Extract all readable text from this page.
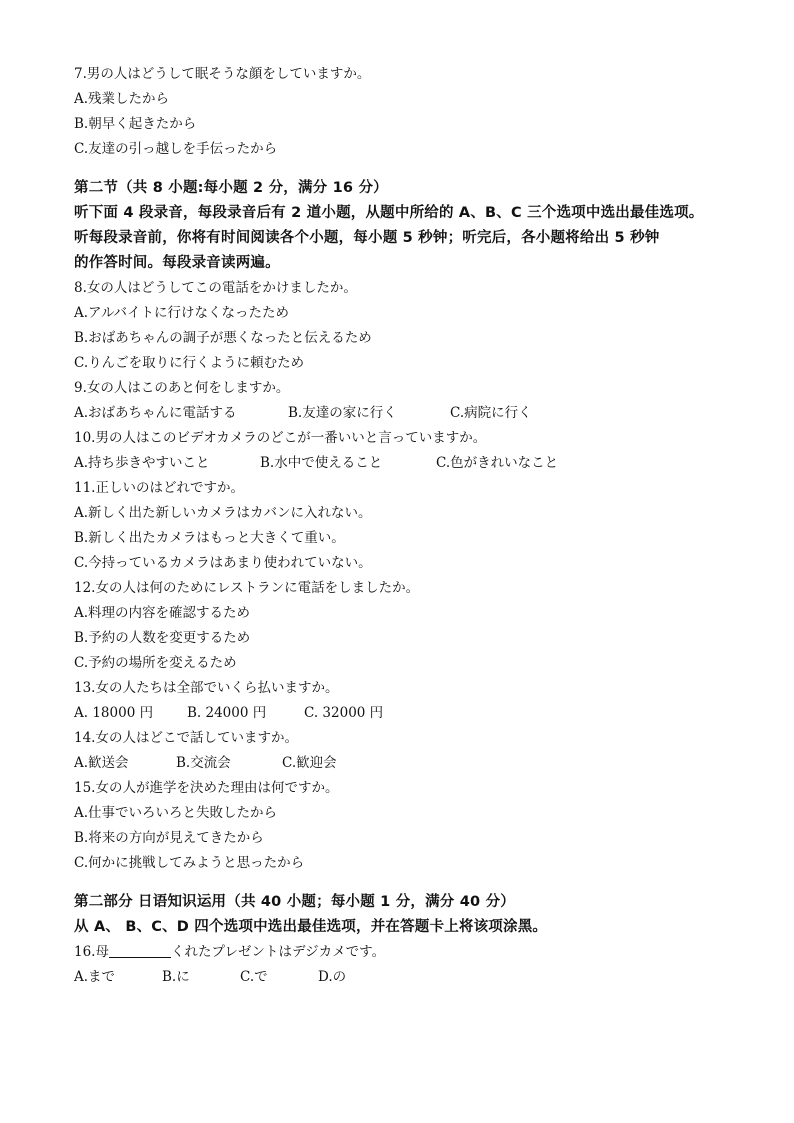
7.男の人はどうして眠そうな顔をしていますか。
A.残業したから
B.朝早く起きたから
C.友達の引っ越しを手伝ったから
第二节（共 8 小题:每小题 2 分，满分 16 分）
听下面 4 段录音，每段录音后有 2 道小题，从题中所给的 A、B、C 三个选项中选出最佳选项。
听每段录音前，你将有时间阅读各个小题，每小题 5 秒钟；听完后，各小题将给出 5 秒钟
的作答时间。每段录音读两遍。
8.女の人はどうしてこの電話をかけましたか。
A.アルバイトに行けなくなったため
B.おばあちゃんの調子が悪くなったと伝えるため
C.りんごを取りに行くように頼むため
9.女の人はこのあと何をしますか。
A.おばあちゃんに電話する	B.友達の家に行く	C.病院に行く
10.男の人はこのビデオカメラのどこが一番いいと言っていますか。
A.持ち歩きやすいこと	B.水中で使えること	C.色がきれいなこと
11.正しいのはどれですか。
A.新しく出た新しいカメラはカバンに入れない。
B.新しく出たカメラはもっと大きくて重い。
C.今持っているカメラはあまり使われていない。
12.女の人は何のためにレストランに電話をしましたか。
A.料理の内容を確認するため
B.予約の人数を変更するため
C.予約の場所を変えるため
13.女の人たちは全部でいくら払いますか。
A. 18000 円	B. 24000 円	C. 32000 円
14.女の人はどこで話していますか。
A.歓送会	B.交流会	C.歓迎会
15.女の人が進学を決めた理由は何ですか。
A.仕事でいろいろと失敗したから
B.将来の方向が見えてきたから
C.何かに挑戦してみようと思ったから
第二部分 日语知识运用（共 40 小题；每小题 1 分，满分 40 分）
从 A、 B、C、D 四个选项中选出最佳选项，并在答题卡上将该项涂黑。
16.母	くれたプレゼントはデジカメです。
A.まで	B.に	C.で	D.の
